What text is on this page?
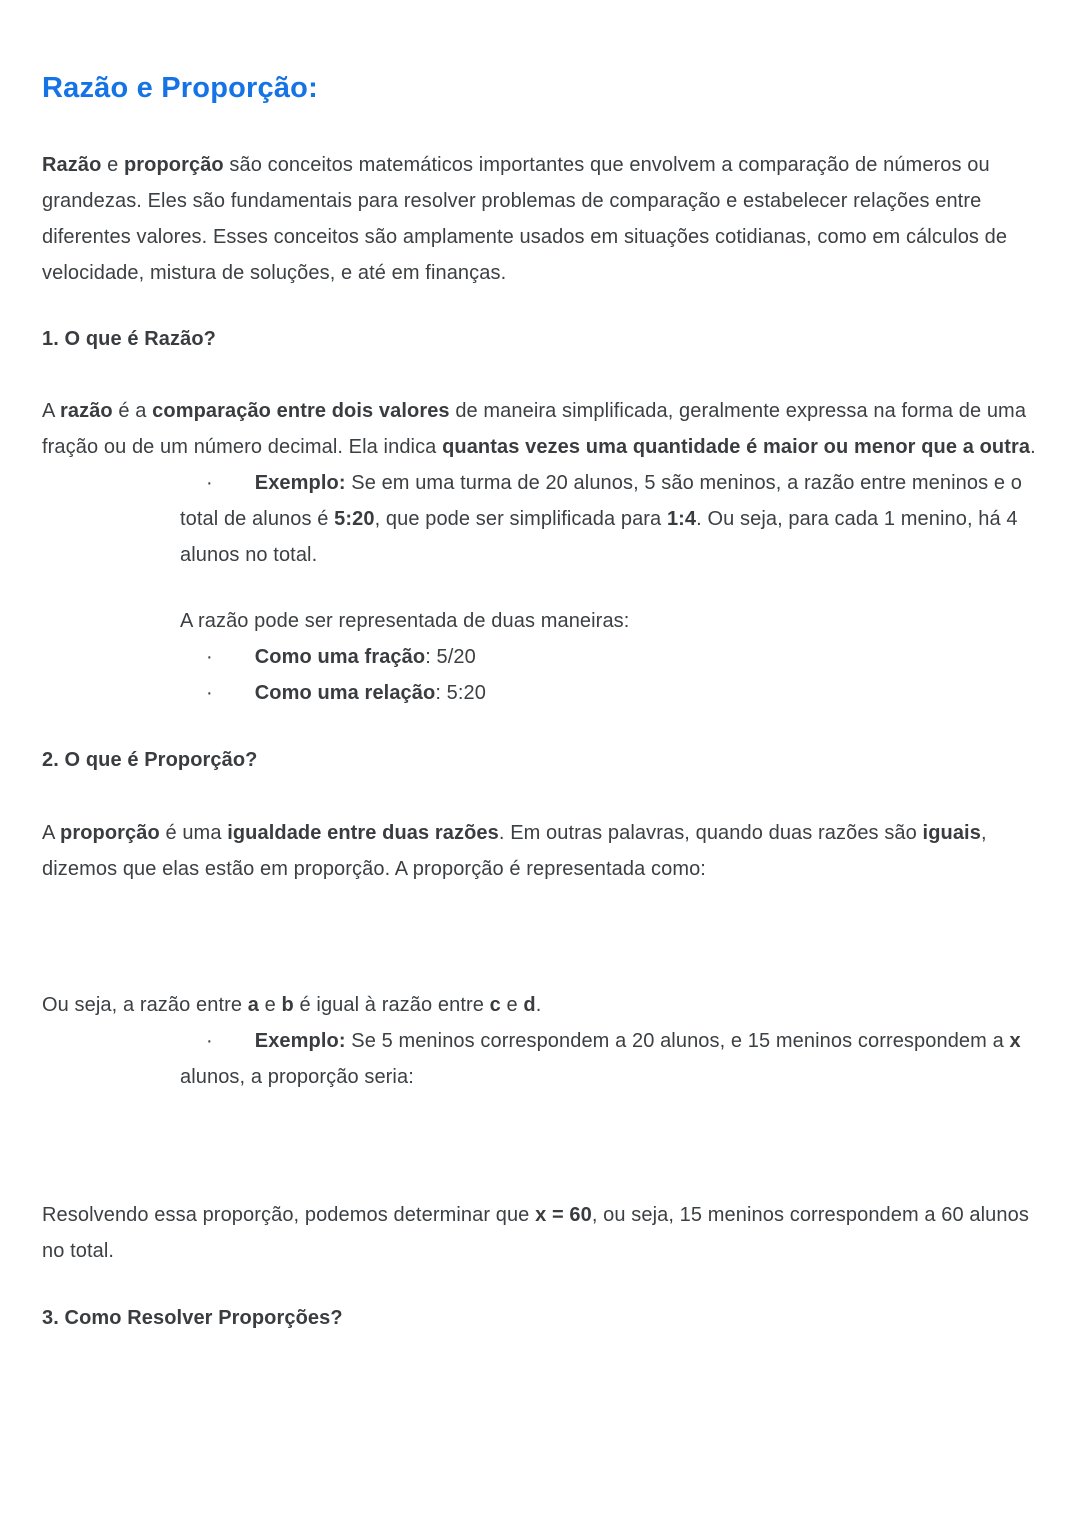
Razão e Proporção:

Razão e proporção são conceitos matemáticos importantes que envolvem a comparação de números ou grandezas. Eles são fundamentais para resolver problemas de comparação e estabelecer relações entre diferentes valores. Esses conceitos são amplamente usados em situações cotidianas, como em cálculos de velocidade, mistura de soluções, e até em finanças.

1. O que é Razão?

A razão é a comparação entre dois valores de maneira simplificada, geralmente expressa na forma de uma fração ou de um número decimal. Ela indica quantas vezes uma quantidade é maior ou menor que a outra.

· Exemplo: Se em uma turma de 20 alunos, 5 são meninos, a razão entre meninos e o total de alunos é 5:20, que pode ser simplificada para 1:4. Ou seja, para cada 1 menino, há 4 alunos no total.

A razão pode ser representada de duas maneiras:

· Como uma fração: 5/20

· Como uma relação: 5:20

2. O que é Proporção?

A proporção é uma igualdade entre duas razões. Em outras palavras, quando duas razões são iguais, dizemos que elas estão em proporção. A proporção é representada como:

Ou seja, a razão entre a e b é igual à razão entre c e d.

· Exemplo: Se 5 meninos correspondem a 20 alunos, e 15 meninos correspondem a x alunos, a proporção seria:

Resolvendo essa proporção, podemos determinar que x = 60, ou seja, 15 meninos correspondem a 60 alunos no total.

3. Como Resolver Proporções?
